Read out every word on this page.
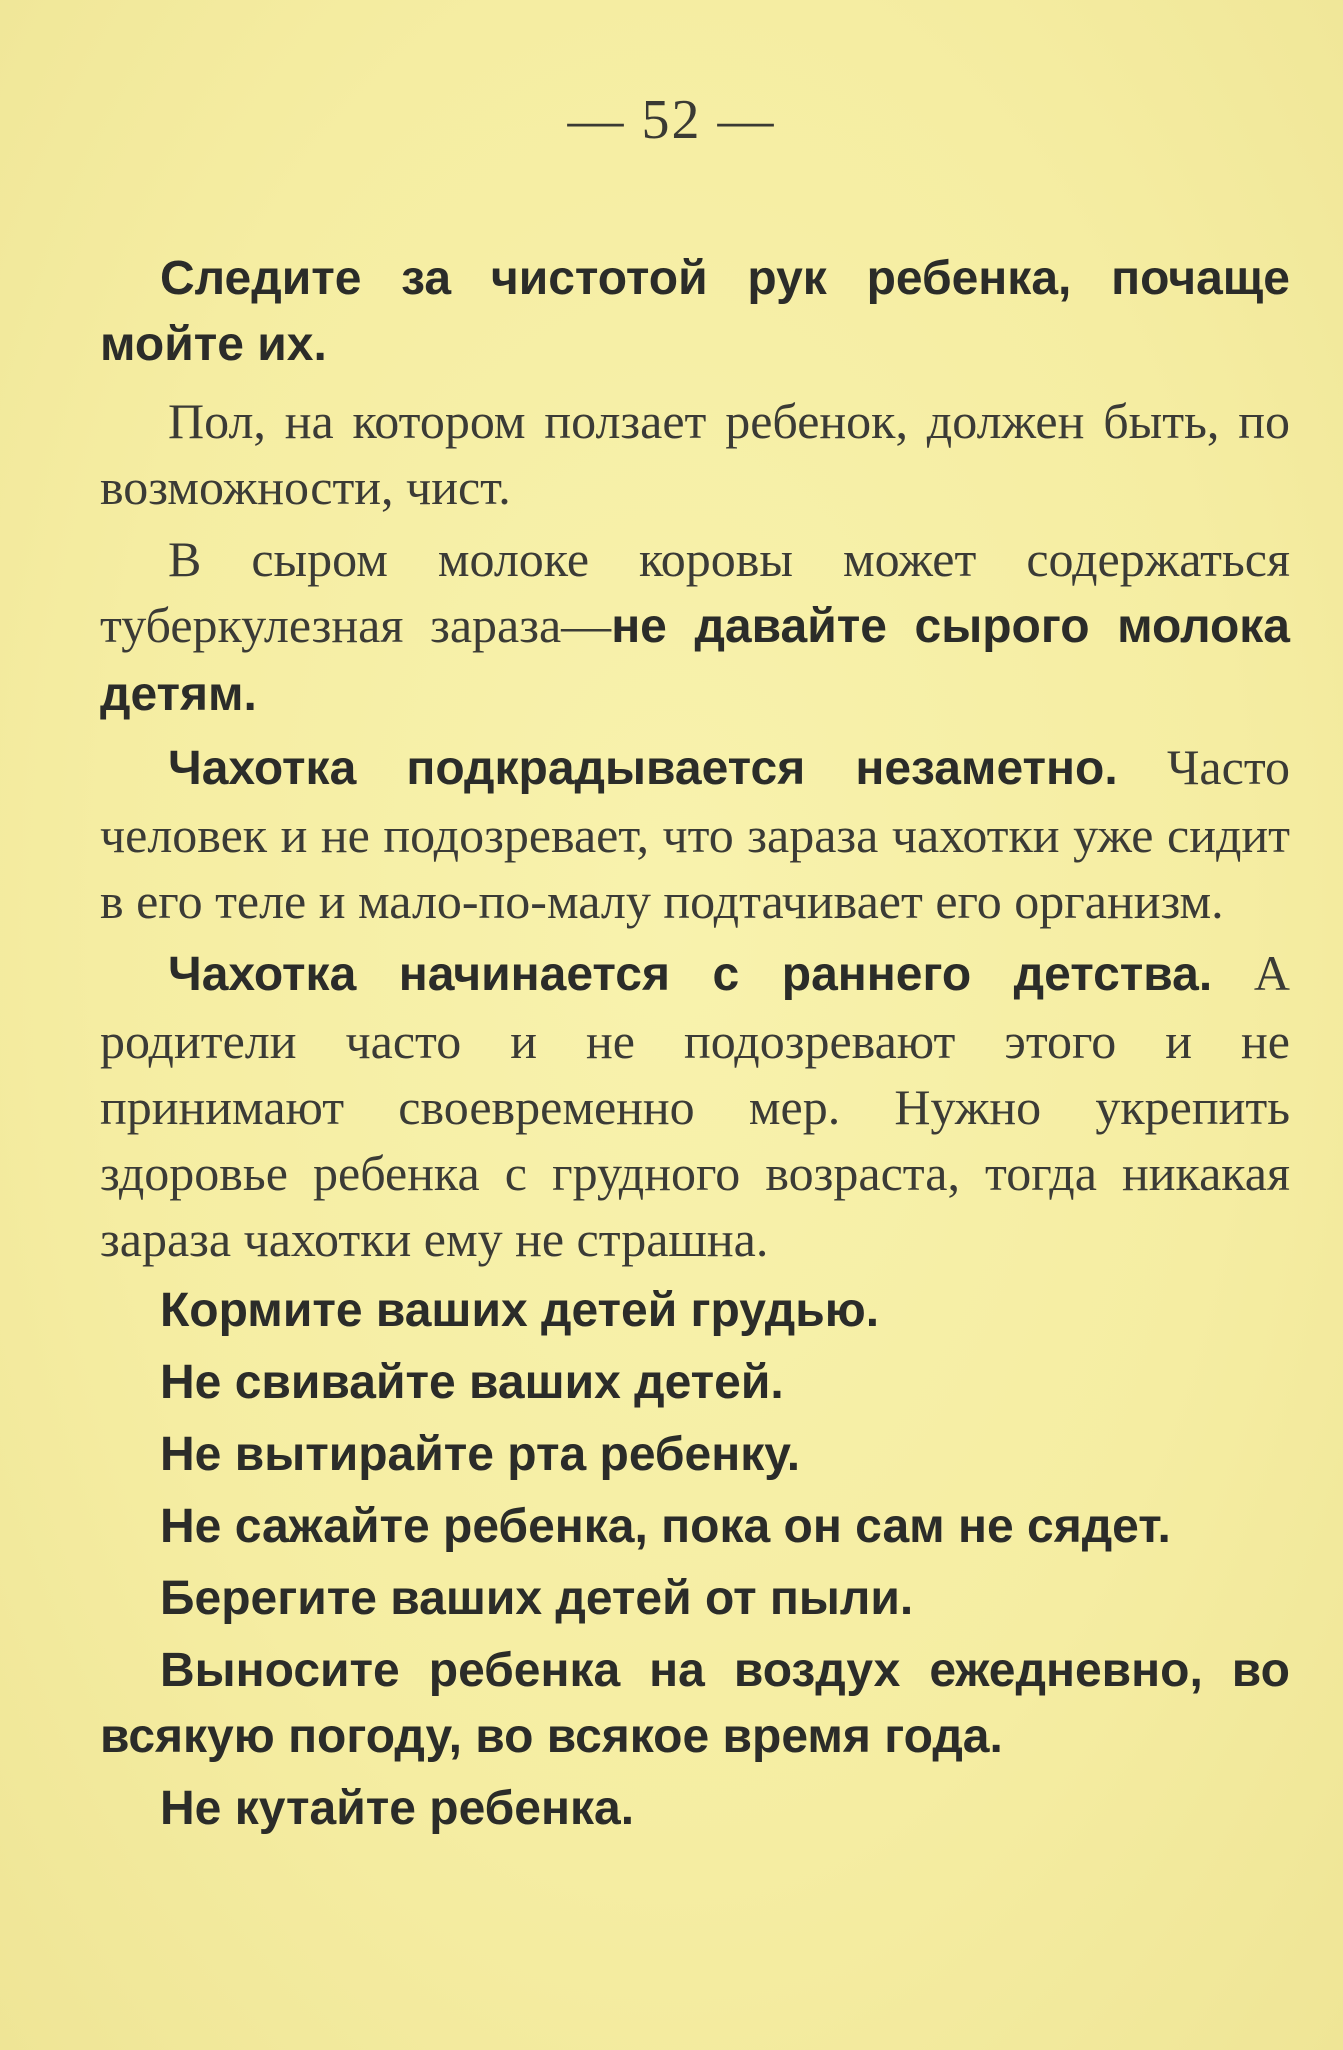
— 52 —

Следите за чистотой рук ребенка, почаще мойте их.

Пол, на котором ползает ребенок, должен быть, по возможности, чист.

В сыром молоке коровы может содержаться туберкулезная зараза—не давайте сырого молока детям.

Чахотка подкрадывается незаметно. Часто человек и не подозревает, что зараза чахотки уже сидит в его теле и мало-по-малу подтачивает его организм.

Чахотка начинается с раннего детства. А родители часто и не подозревают этого и не принимают своевременно мер. Нужно укрепить здоровье ребенка с грудного возраста, тогда никакая зараза чахотки ему не страшна.

Кормите ваших детей грудью.

Не свивайте ваших детей.

Не вытирайте рта ребенку.

Не сажайте ребенка, пока он сам не сядет.

Берегите ваших детей от пыли.

Выносите ребенка на воздух ежедневно, во всякую погоду, во всякое время года.

Не кутайте ребенка.
